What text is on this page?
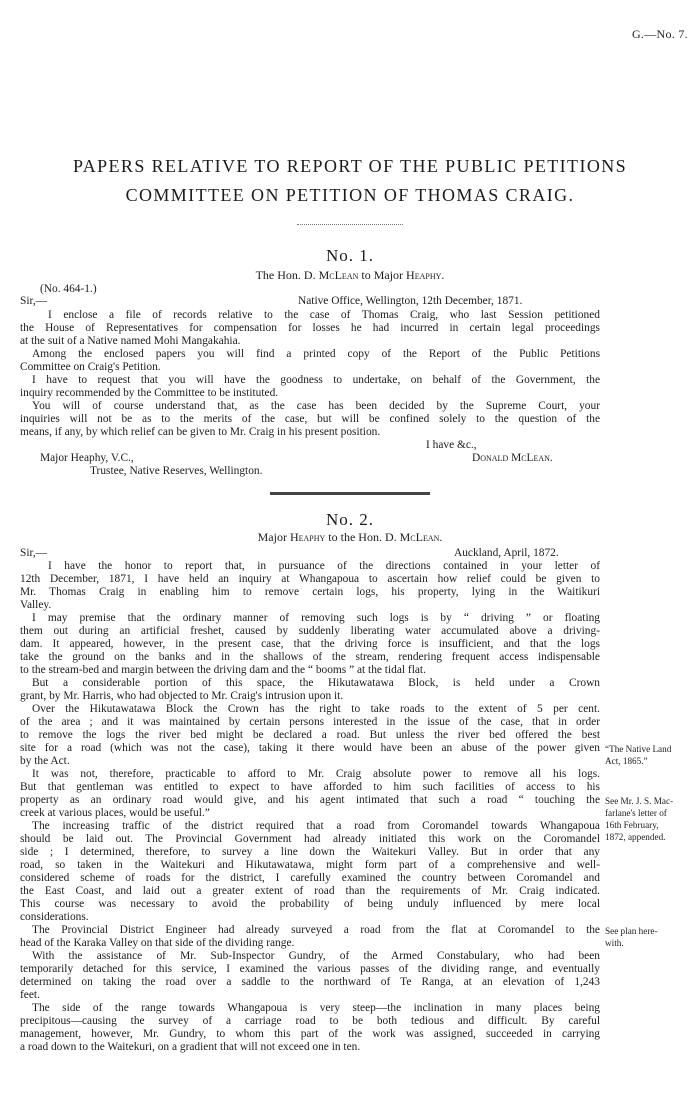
G.—No. 7.
PAPERS RELATIVE TO REPORT OF THE PUBLIC PETITIONS
COMMITTEE ON PETITION OF THOMAS CRAIG.
No. 1.
The Hon. D. McLean to Major Heaphy.
(No. 464-1.)
Sir,—	Native Office, Wellington, 12th December, 1871.
I enclose a file of records relative to the case of Thomas Craig, who last Session petitioned
the House of Representatives for compensation for losses he had incurred in certain legal proceedings
at the suit of a Native named Mohi Mangakahia.
Among the enclosed papers you will find a printed copy of the Report of the Public Petitions
Committee on Craig's Petition.
I have to request that you will have the goodness to undertake, on behalf of the Government, the
inquiry recommended by the Committee to be instituted.
You will of course understand that, as the case has been decided by the Supreme Court, your
inquiries will not be as to the merits of the case, but will be confined solely to the question of the
means, if any, by which relief can be given to Mr. Craig in his present position.
I have &c.,
Major Heaphy, V.C.,	Donald McLean.
Trustee, Native Reserves, Wellington.
No. 2.
Major Heaphy to the Hon. D. McLean.
Sir,—	Auckland, April, 1872.
I have the honor to report that, in pursuance of the directions contained in your letter of
12th December, 1871, I have held an inquiry at Whangapoua to ascertain how relief could be given to
Mr. Thomas Craig in enabling him to remove certain logs, his property, lying in the Waitikuri
Valley.
I may premise that the ordinary manner of removing such logs is by “ driving ” or floating
them out during an artificial freshet, caused by suddenly liberating water accumulated above a driving-
dam. It appeared, however, in the present case, that the driving force is insufficient, and that the logs
take the ground on the banks and in the shallows of the stream, rendering frequent access indispensable
to the stream-bed and margin between the driving dam and the “ booms ” at the tidal flat.
But a considerable portion of this space, the Hikutawatawa Block, is held under a Crown
grant, by Mr. Harris, who had objected to Mr. Craig's intrusion upon it.
Over the Hikutawatawa Block the Crown has the right to take roads to the extent of 5 per cent.
of the area ; and it was maintained by certain persons interested in the issue of the case, that in order
to remove the logs the river bed might be declared a road. But unless the river bed offered the best
site for a road (which was not the case), taking it there would have been an abuse of the power given
by the Act.
It was not, therefore, practicable to afford to Mr. Craig absolute power to remove all his logs.
But that gentleman was entitled to expect to have afforded to him such facilities of access to his
property as an ordinary road would give, and his agent intimated that such a road “ touching the
creek at various places, would be useful.”
The increasing traffic of the district required that a road from Coromandel towards Whangapoua
should be laid out. The Provincial Government had already initiated this work on the Coromandel
side ; I determined, therefore, to survey a line down the Waitekuri Valley. But in order that any
road, so taken in the Waitekuri and Hikutawatawa, might form part of a comprehensive and well-
considered scheme of roads for the district, I carefully examined the country between Coromandel and
the East Coast, and laid out a greater extent of road than the requirements of Mr. Craig indicated.
This course was necessary to avoid the probability of being unduly influenced by mere local
considerations.
The Provincial District Engineer had already surveyed a road from the flat at Coromandel to the
head of the Karaka Valley on that side of the dividing range.
With the assistance of Mr. Sub-Inspector Gundry, of the Armed Constabulary, who had been
temporarily detached for this service, I examined the various passes of the dividing range, and eventually
determined on taking the road over a saddle to the northward of Te Ranga, at an elevation of 1,243
feet.
The side of the range towards Whangapoua is very steep—the inclination in many places being
precipitous—causing the survey of a carriage road to be both tedious and difficult. By careful
management, however, Mr. Gundry, to whom this part of the work was assigned, succeeded in carrying
a road down to the Waitekuri, on a gradient that will not exceed one in ten.
“The Native Land
Act, 1865.”
See Mr. J. S. Mac-
farlane's letter of
16th February,
1872, appended.
See plan here-
with.
